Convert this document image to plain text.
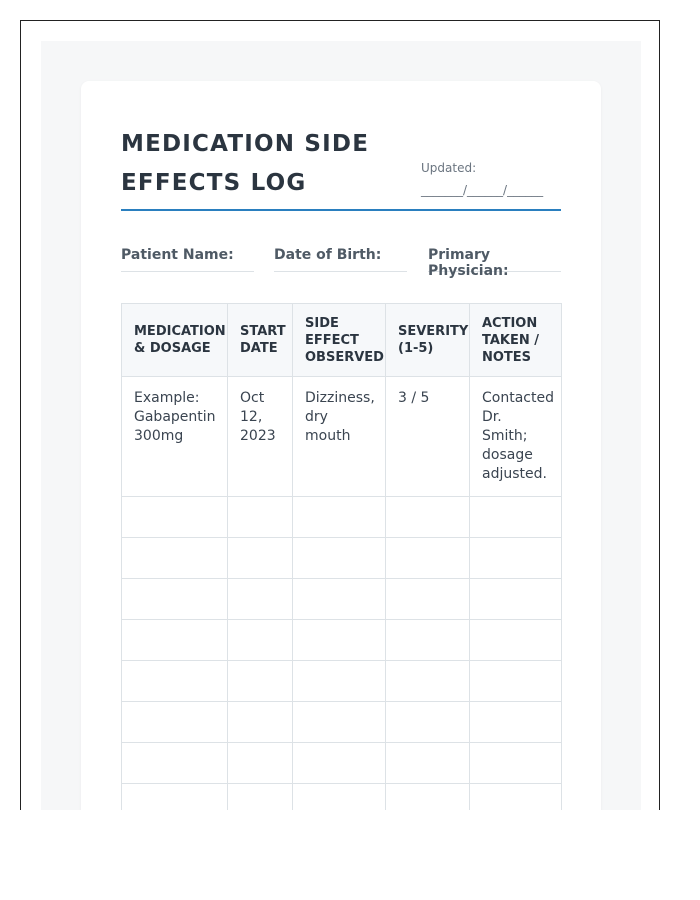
MEDICATION SIDE EFFECTS LOG
Updated:
_______/______/______
Patient Name:	Date of Birth:	Primary Physician:
MEDICATION & DOSAGE	START DATE	SIDE EFFECT OBSERVED	SEVERITY (1-5)	ACTION TAKEN / NOTES
Example: Gabapentin 300mg	Oct 12, 2023	Dizziness, dry mouth	3 / 5	Contacted Dr. Smith; dosage adjusted.
